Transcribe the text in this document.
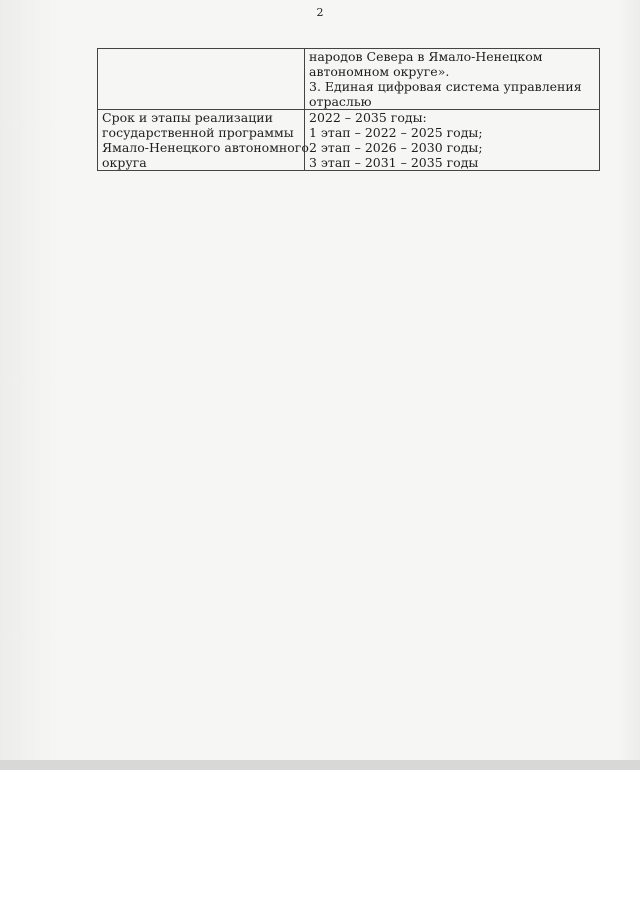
2

	народов Севера в Ямало-Ненецком
автономном округе».
3. Единая цифровая система управления
отраслью

Срок и этапы реализации
государственной программы
Ямало-Ненецкого автономного
округа	2022 – 2035 годы:
1 этап – 2022 – 2025 годы;
2 этап – 2026 – 2030 годы;
3 этап – 2031 – 2035 годы
